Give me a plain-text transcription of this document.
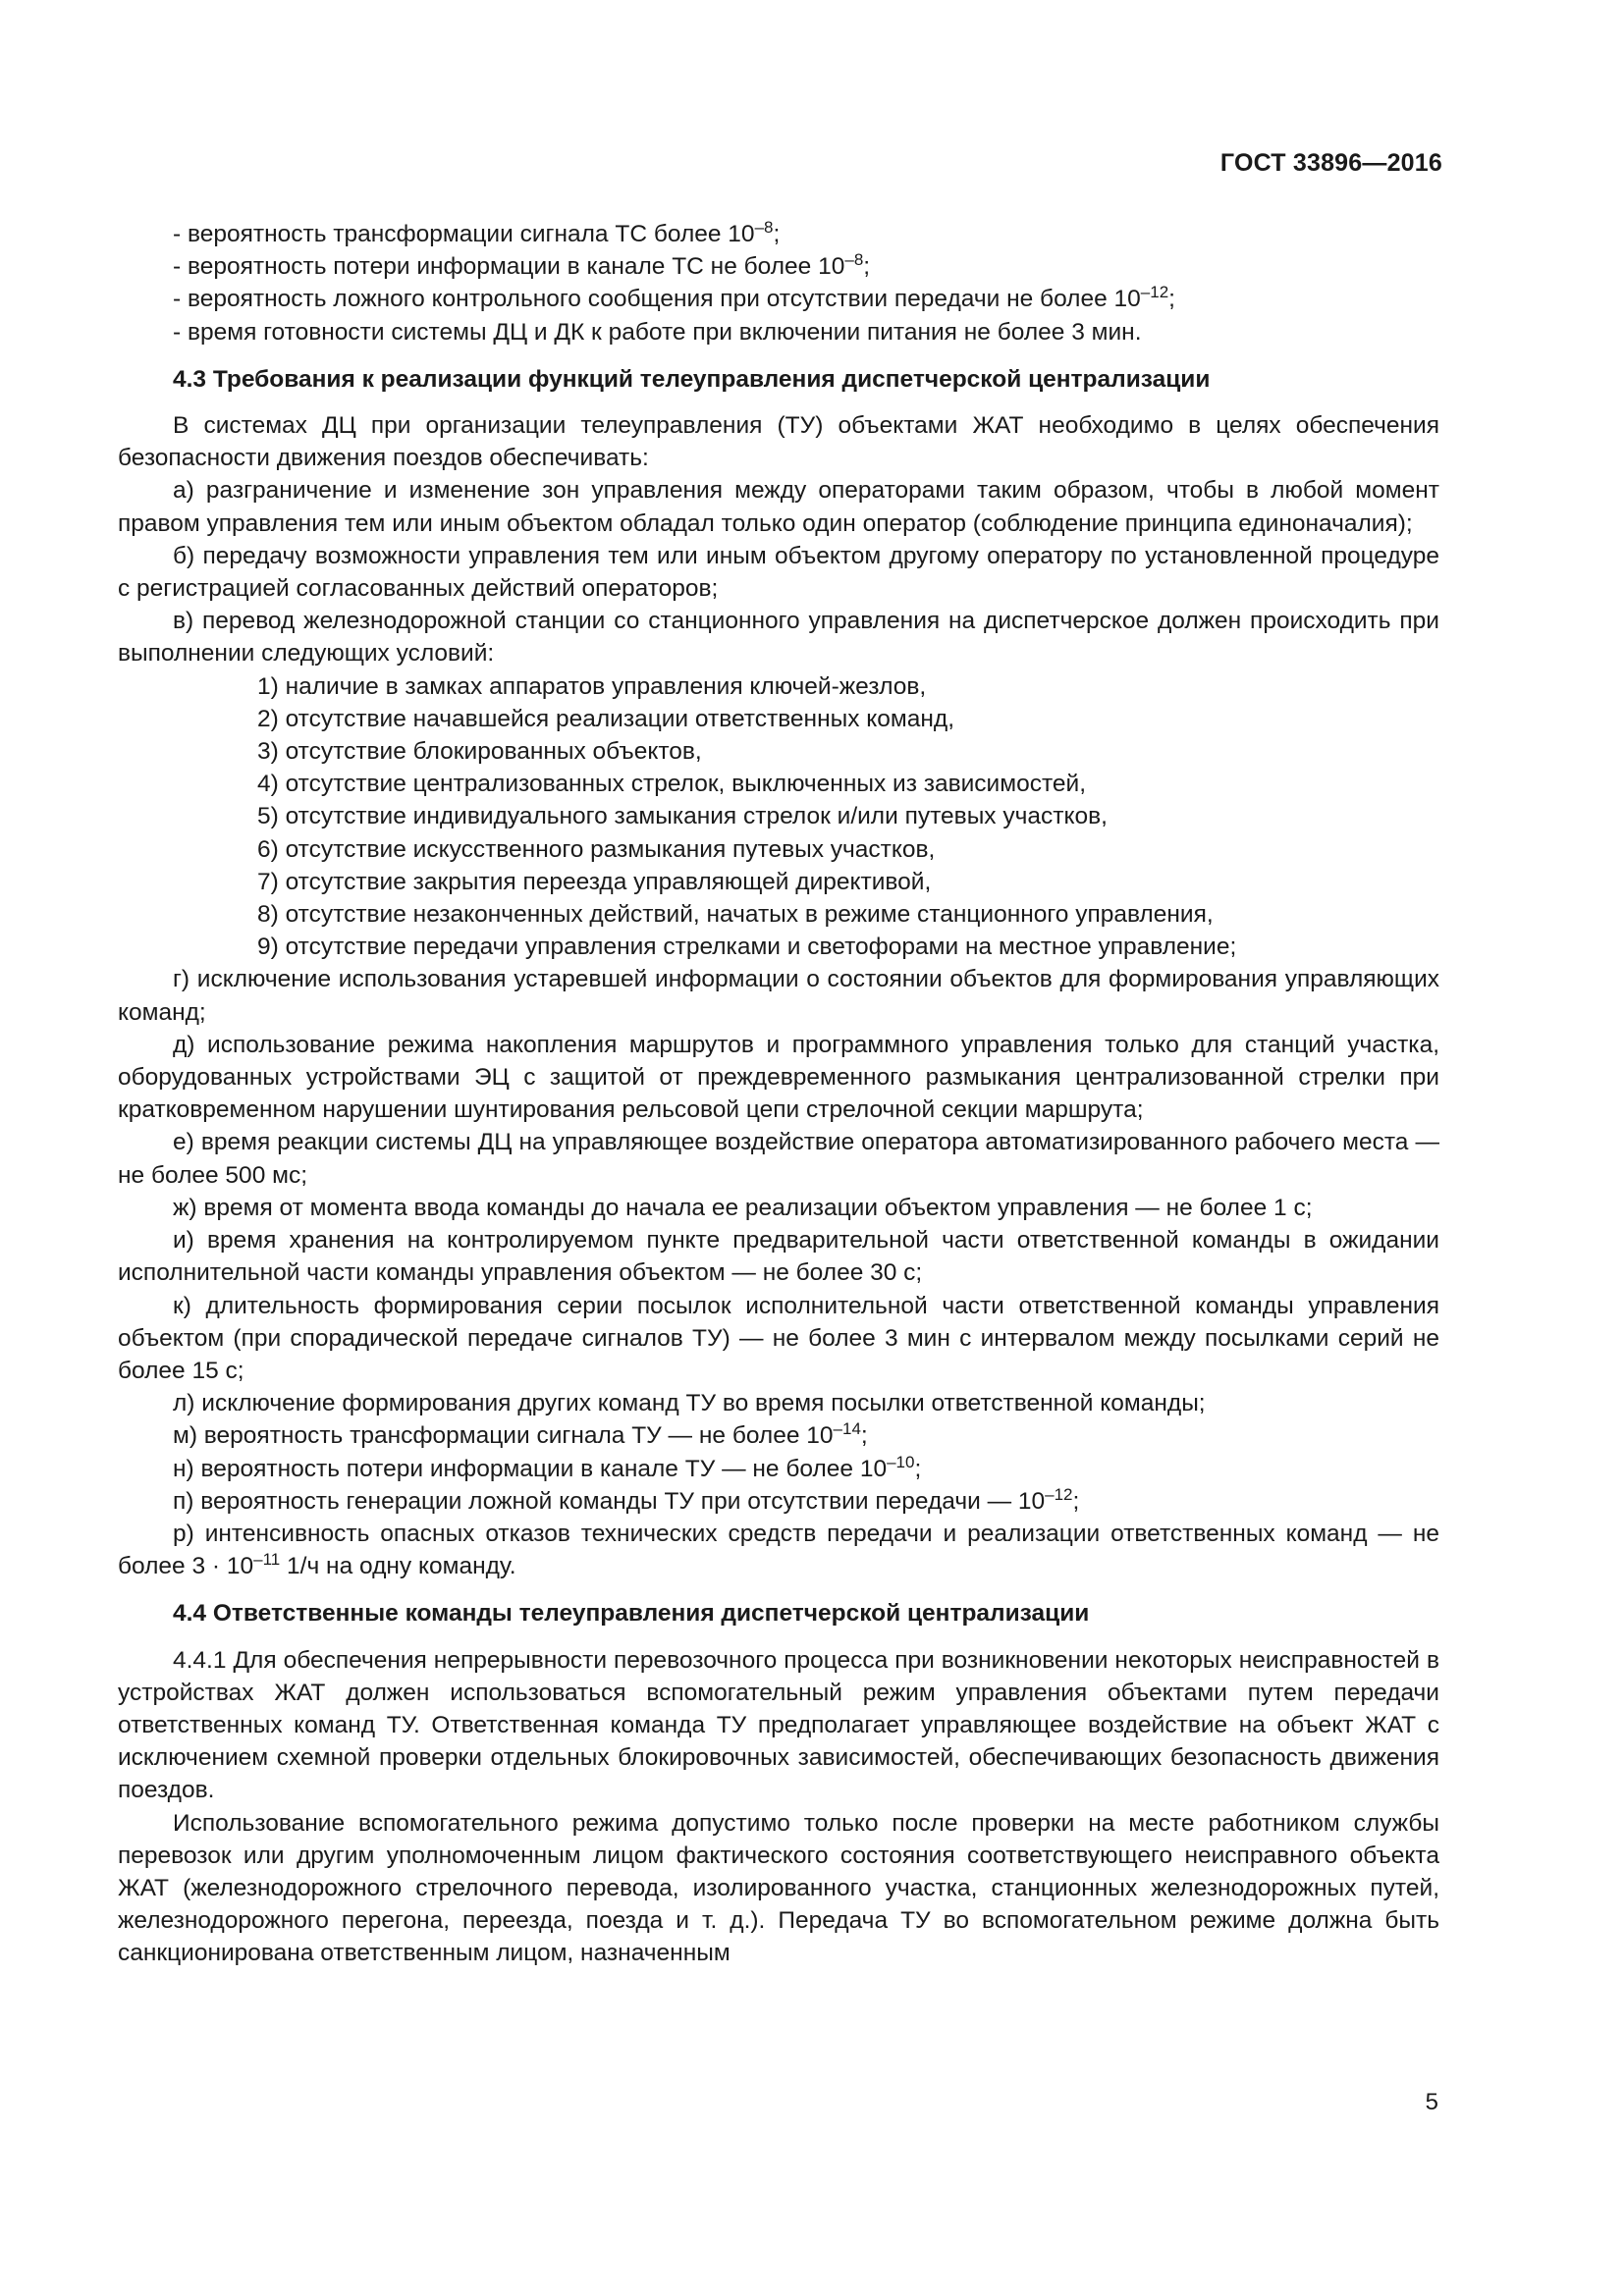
ГОСТ 33896—2016

- вероятность трансформации сигнала ТС более $10^{-8}$;

- вероятность потери информации в канале ТС не более $10^{-8}$;

- вероятность ложного контрольного сообщения при отсутствии передачи не более $10^{-12}$;

- время готовности системы ДЦ и ДК к работе при включении питания не более 3 мин.

4.3 Требования к реализации функций телеуправления диспетчерской централизации

В системах ДЦ при организации телеуправления (ТУ) объектами ЖАТ необходимо в целях обеспечения безопасности движения поездов обеспечивать:

а) разграничение и изменение зон управления между операторами таким образом, чтобы в любой момент правом управления тем или иным объектом обладал только один оператор (соблюдение принципа единоначалия);

б) передачу возможности управления тем или иным объектом другому оператору по установленной процедуре с регистрацией согласованных действий операторов;

в) перевод железнодорожной станции со станционного управления на диспетчерское должен происходить при выполнении следующих условий:

1) наличие в замках аппаратов управления ключей-жезлов,

2) отсутствие начавшейся реализации ответственных команд,

3) отсутствие блокированных объектов,

4) отсутствие централизованных стрелок, выключенных из зависимостей,

5) отсутствие индивидуального замыкания стрелок и/или путевых участков,

6) отсутствие искусственного размыкания путевых участков,

7) отсутствие закрытия переезда управляющей директивой,

8) отсутствие незаконченных действий, начатых в режиме станционного управления,

9) отсутствие передачи управления стрелками и светофорами на местное управление;

г) исключение использования устаревшей информации о состоянии объектов для формирования управляющих команд;

д) использование режима накопления маршрутов и программного управления только для станций участка, оборудованных устройствами ЭЦ с защитой от преждевременного размыкания централизованной стрелки при кратковременном нарушении шунтирования рельсовой цепи стрелочной секции маршрута;

е) время реакции системы ДЦ на управляющее воздействие оператора автоматизированного рабочего места — не более 500 мс;

ж) время от момента ввода команды до начала ее реализации объектом управления — не более 1 с;

и) время хранения на контролируемом пункте предварительной части ответственной команды в ожидании исполнительной части команды управления объектом — не более 30 с;

к) длительность формирования серии посылок исполнительной части ответственной команды управления объектом (при спорадической передаче сигналов ТУ) — не более 3 мин с интервалом между посылками серий не более 15 с;

л) исключение формирования других команд ТУ во время посылки ответственной команды;

м) вероятность трансформации сигнала ТУ — не более $10^{-14}$;

н) вероятность потери информации в канале ТУ — не более $10^{-10}$;

п) вероятность генерации ложной команды ТУ при отсутствии передачи — $10^{-12}$;

р) интенсивность опасных отказов технических средств передачи и реализации ответственных команд — не более $3 \cdot 10^{-11}$ 1/ч на одну команду.

4.4 Ответственные команды телеуправления диспетчерской централизации

4.4.1 Для обеспечения непрерывности перевозочного процесса при возникновении некоторых неисправностей в устройствах ЖАТ должен использоваться вспомогательный режим управления объектами путем передачи ответственных команд ТУ. Ответственная команда ТУ предполагает управляющее воздействие на объект ЖАТ с исключением схемной проверки отдельных блокировочных зависимостей, обеспечивающих безопасность движения поездов.

Использование вспомогательного режима допустимо только после проверки на месте работником службы перевозок или другим уполномоченным лицом фактического состояния соответствующего неисправного объекта ЖАТ (железнодорожного стрелочного перевода, изолированного участка, станционных железнодорожных путей, железнодорожного перегона, переезда, поезда и т. д.). Передача ТУ во вспомогательном режиме должна быть санкционирована ответственным лицом, назначенным

5
